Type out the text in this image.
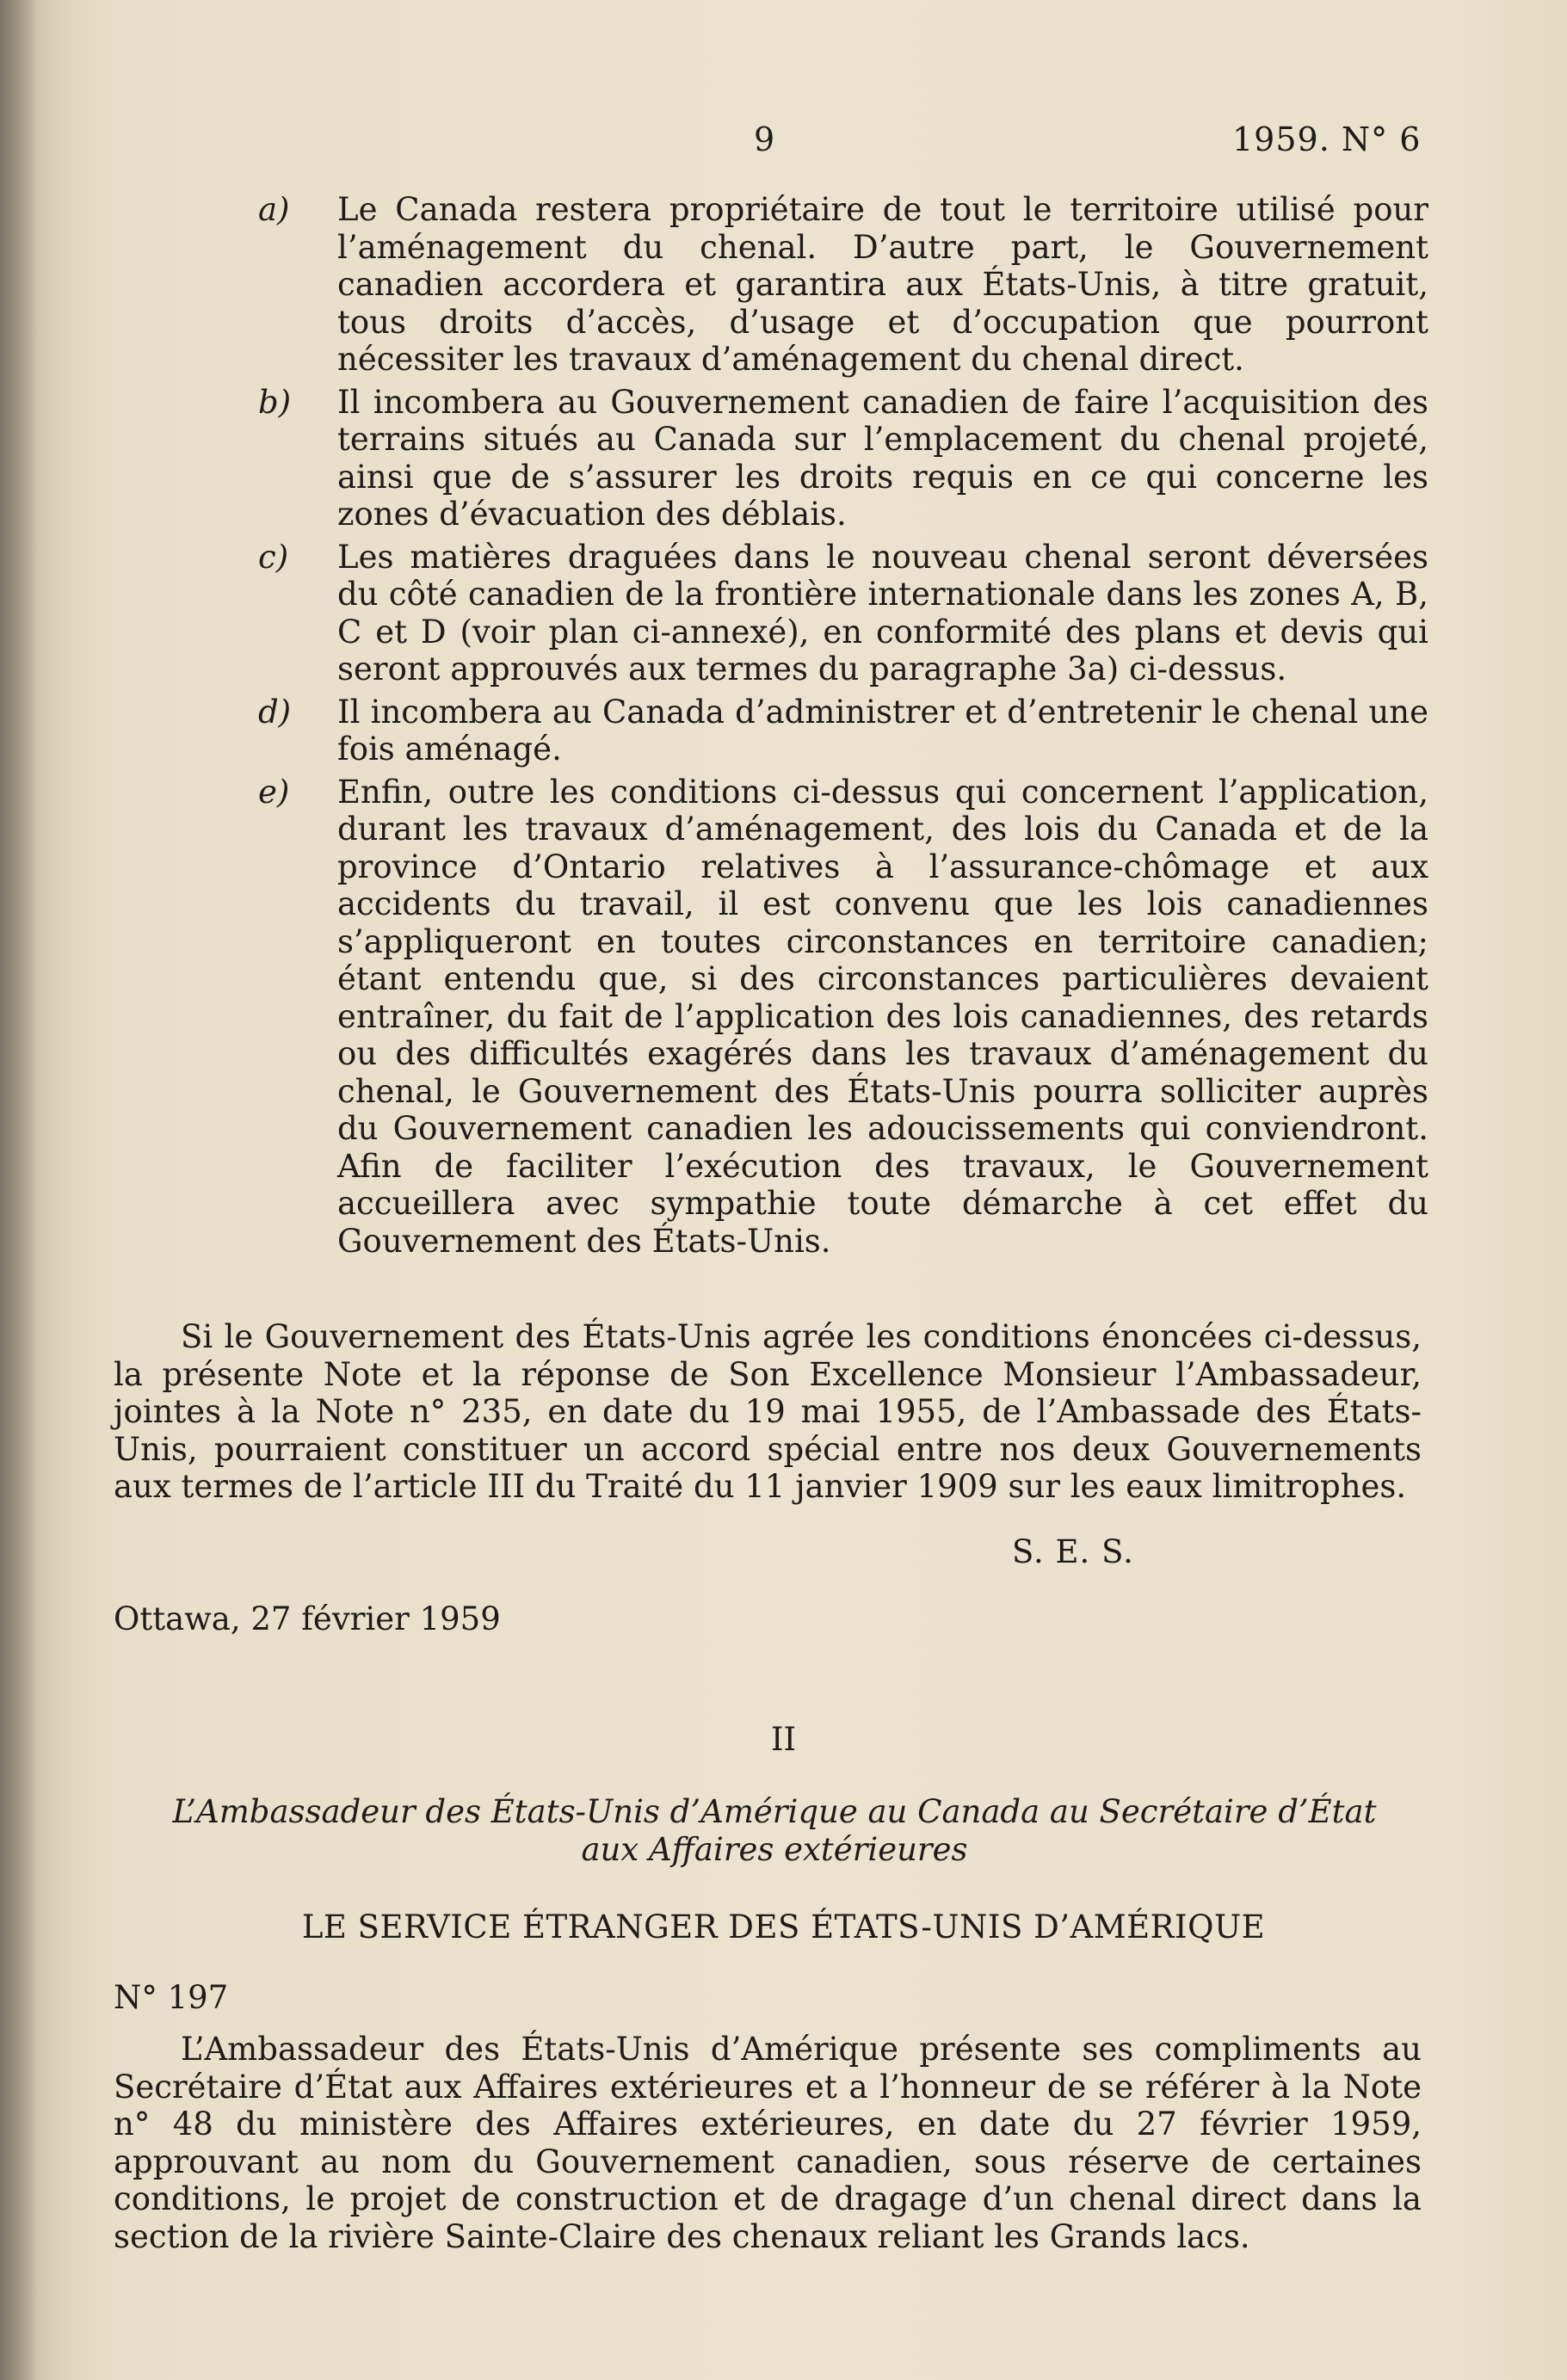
9	1959. N° 6
a)	Le Canada restera propriétaire de tout le territoire utilisé pour l’aménagement du chenal. D’autre part, le Gouvernement canadien accordera et garantira aux États-Unis, à titre gratuit, tous droits d’accès, d’usage et d’occupation que pourront nécessiter les travaux d’aménagement du chenal direct.
b)	Il incombera au Gouvernement canadien de faire l’acquisition des terrains situés au Canada sur l’emplacement du chenal projeté, ainsi que de s’assurer les droits requis en ce qui concerne les zones d’évacuation des déblais.
c)	Les matières draguées dans le nouveau chenal seront déversées du côté canadien de la frontière internationale dans les zones A, B, C et D (voir plan ci-annexé), en conformité des plans et devis qui seront approuvés aux termes du paragraphe 3a) ci-dessus.
d)	Il incombera au Canada d’administrer et d’entretenir le chenal une fois aménagé.
e)	Enfin, outre les conditions ci-dessus qui concernent l’application, durant les travaux d’aménagement, des lois du Canada et de la province d’Ontario relatives à l’assurance-chômage et aux accidents du travail, il est convenu que les lois canadiennes s’appliqueront en toutes circonstances en territoire canadien; étant entendu que, si des circonstances particulières devaient entraîner, du fait de l’application des lois canadiennes, des retards ou des difficultés exagérés dans les travaux d’aménagement du chenal, le Gouvernement des États-Unis pourra solliciter auprès du Gouvernement canadien les adoucissements qui conviendront. Afin de faciliter l’exécution des travaux, le Gouvernement accueillera avec sympathie toute démarche à cet effet du Gouvernement des États-Unis.

Si le Gouvernement des États-Unis agrée les conditions énoncées ci-dessus, la présente Note et la réponse de Son Excellence Monsieur l’Ambassadeur, jointes à la Note n° 235, en date du 19 mai 1955, de l’Ambassade des États-Unis, pourraient constituer un accord spécial entre nos deux Gouvernements aux termes de l’article III du Traité du 11 janvier 1909 sur les eaux limitrophes.

S. E. S.
Ottawa, 27 février 1959
II
L’Ambassadeur des États-Unis d’Amérique au Canada au Secrétaire d’État
aux Affaires extérieures
LE SERVICE ÉTRANGER DES ÉTATS-UNIS D’AMÉRIQUE
N° 197

L’Ambassadeur des États-Unis d’Amérique présente ses compliments au Secrétaire d’État aux Affaires extérieures et a l’honneur de se référer à la Note n° 48 du ministère des Affaires extérieures, en date du 27 février 1959, approuvant au nom du Gouvernement canadien, sous réserve de certaines conditions, le projet de construction et de dragage d’un chenal direct dans la section de la rivière Sainte-Claire des chenaux reliant les Grands lacs.
